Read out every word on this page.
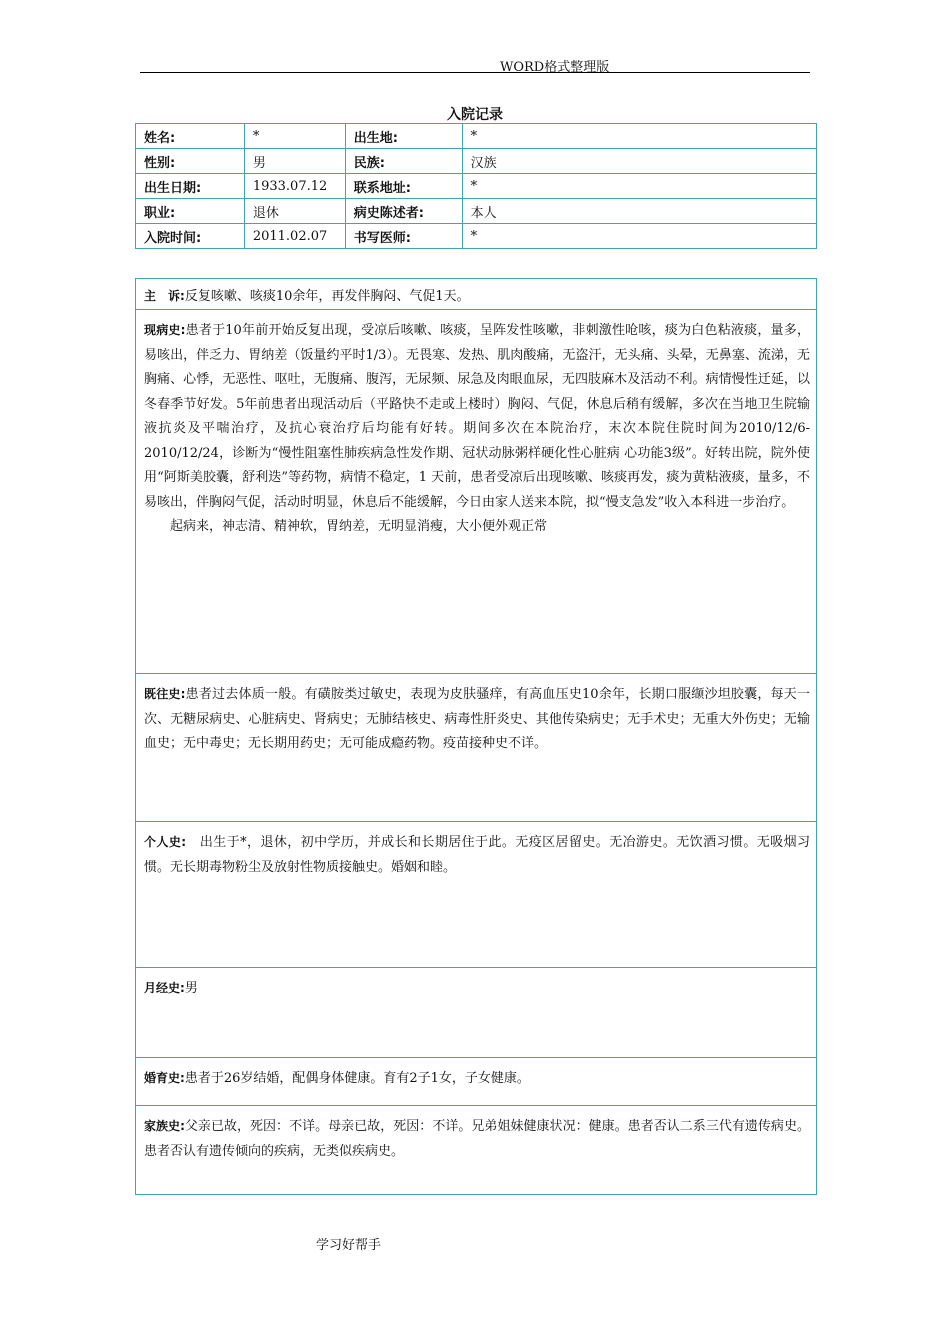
WORD格式整理版
入院记录
姓名:	*	出生地:	*
性别:	男	民族:	汉族
出生日期:	1933.07.12	联系地址:	*
职业:	退休	病史陈述者:	本人
入院时间:	2011.02.07	书写医师:	*
主　诉:反复咳嗽、咳痰10余年，再发伴胸闷、气促1天。

现病史:患者于10年前开始反复出现，受凉后咳嗽、咳痰，呈阵发性咳嗽，非刺激性呛咳，痰为白色粘液痰，量多，易咳出，伴乏力、胃纳差（饭量约平时1/3）。无畏寒、发热、肌肉酸痛，无盗汗，无头痛、头晕，无鼻塞、流涕，无胸痛、心悸，无恶性、呕吐，无腹痛、腹泻，无尿频、尿急及肉眼血尿，无四肢麻木及活动不利。病情慢性迁延，以冬春季节好发。5年前患者出现活动后（平路快不走或上楼时）胸闷、气促，休息后稍有缓解，多次在当地卫生院输液抗炎及平喘治疗，及抗心衰治疗后均能有好转。期间多次在本院治疗，末次本院住院时间为2010/12/6-2010/12/24，诊断为“慢性阻塞性肺疾病急性发作期、冠状动脉粥样硬化性心脏病 心功能3级”。好转出院，院外使用“阿斯美胶囊，舒利迭”等药物，病情不稳定，1 天前，患者受凉后出现咳嗽、咳痰再发，痰为黄粘液痰，量多，不易咳出，伴胸闷气促，活动时明显，休息后不能缓解，今日由家人送来本院，拟“慢支急发”收入本科进一步治疗。

起病来，神志清、精神软，胃纳差，无明显消瘦，大小便外观正常

既往史:患者过去体质一般。有磺胺类过敏史，表现为皮肤骚痒，有高血压史10余年，长期口服缬沙坦胶囊，每天一次、无糖尿病史、心脏病史、肾病史；无肺结核史、病毒性肝炎史、其他传染病史；无手术史；无重大外伤史；无输血史；无中毒史；无长期用药史；无可能成瘾药物。疫苗接种史不详。
个人史:　出生于*，退休，初中学历，并成长和长期居住于此。无疫区居留史。无冶游史。无饮酒习惯。无吸烟习惯。无长期毒物粉尘及放射性物质接触史。婚姻和睦。
月经史:男
婚育史:患者于26岁结婚，配偶身体健康。育有2子1女，子女健康。
家族史:父亲已故，死因：不详。母亲已故，死因：不详。兄弟姐妹健康状况：健康。患者否认二系三代有遗传病史。患者否认有遗传倾向的疾病，无类似疾病史。
学习好帮手
